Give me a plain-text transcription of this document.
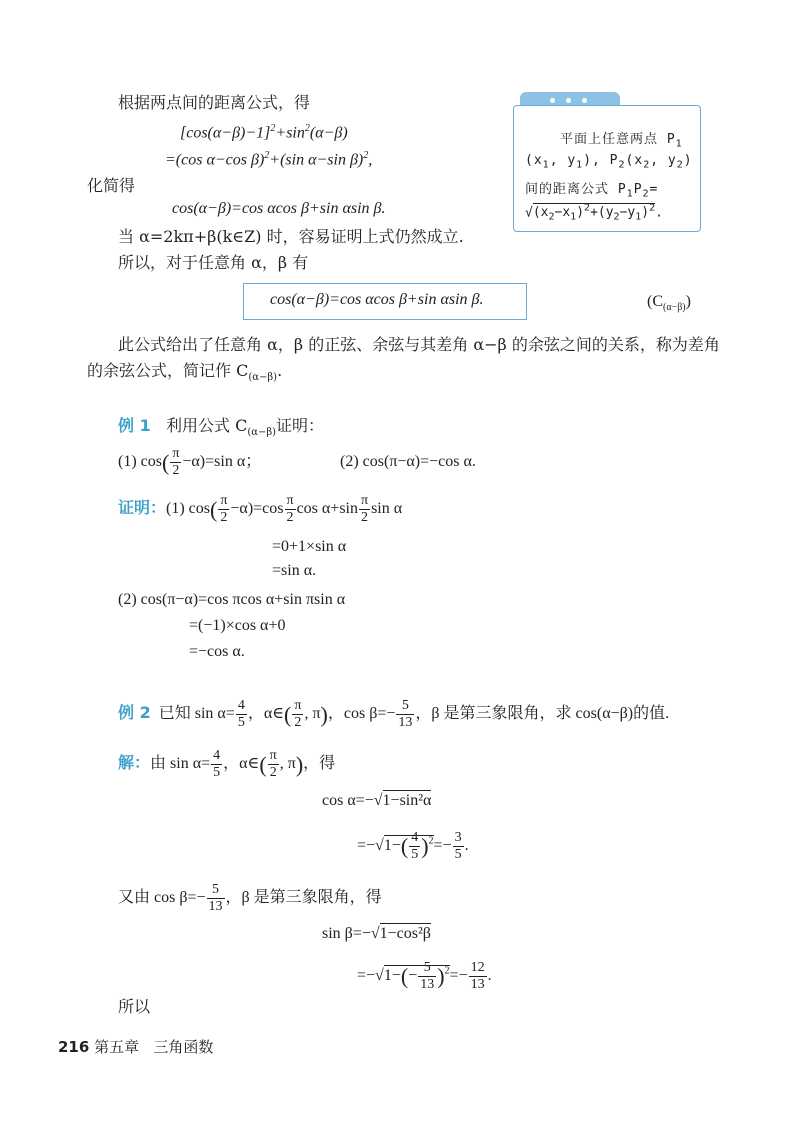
平面上任意两点 $P_1$
($x_1$, $y_1$), $P_2(x_2$, $y_2$)
间的距离公式 $P_1P_2=$
$√(x_2-x_1)^2+(y_2-y_1)^2$.
根据两点间的距离公式，得
$[\cos(\alpha-\beta)-1]^2+\sin^2(\alpha-\beta)$
=(cos α−cos β)$^2$+(sin α−sin β)$^2$,
化简得
cos(α−β)=cos αcos β+sin αsin β.
当 α=2kπ+β(k∈Z) 时，容易证明上式仍然成立.
所以，对于任意角 α，β 有
cos(α−β)=cos αcos β+sin αsin β.	$(C_{(\alpha-\beta)})$
此公式给出了任意角 α，β 的正弦、余弦与其差角 α−β 的余弦之间的关系，称为差角
的余弦公式，简记作 $C_{(\alpha-\beta)}$.
例 1 利用公式 $C_{(\alpha-\beta)}$证明：
(1) $\cos( \frac{\pi}{2} -\alpha)=\sin$ α；	(2) cos(π−α)=−cos α.
证明：(1) $\cos( \frac{\pi}{2} -\alpha)=\cos \frac{\pi}{2}$ $\cos \alpha+\sin \frac{\pi}{2}$ sin α
=0+1×sin α
=sin α.
(2) cos(π−α)=cos πcos α+sin πsin α
=(−1)×cos α+0
=−cos α.
例 2 已知 $\sin \alpha= \frac{4}{5}$ ，α∈( $\frac{\pi}{2}$ , π)，$\cos \beta=- \frac{5}{13}$ ，β 是第三象限角，求 cos(α−β)的值.
解：由 $\sin \alpha= \frac{4}{5}$ ，α∈( $\frac{\pi}{2}$ , π)，得
cos α=−√1−sin²α
$=-√1-( \frac{4}{5} )^2=- \frac{3}{5}$ .
又由 $\cos \beta=- \frac{5}{13}$ ，β 是第三象限角，得
sin β=−√1−cos²β
$=-√1-(- \frac{5}{13} )^2=- \frac{12}{13}$ .
所以
216 第五章 三角函数
